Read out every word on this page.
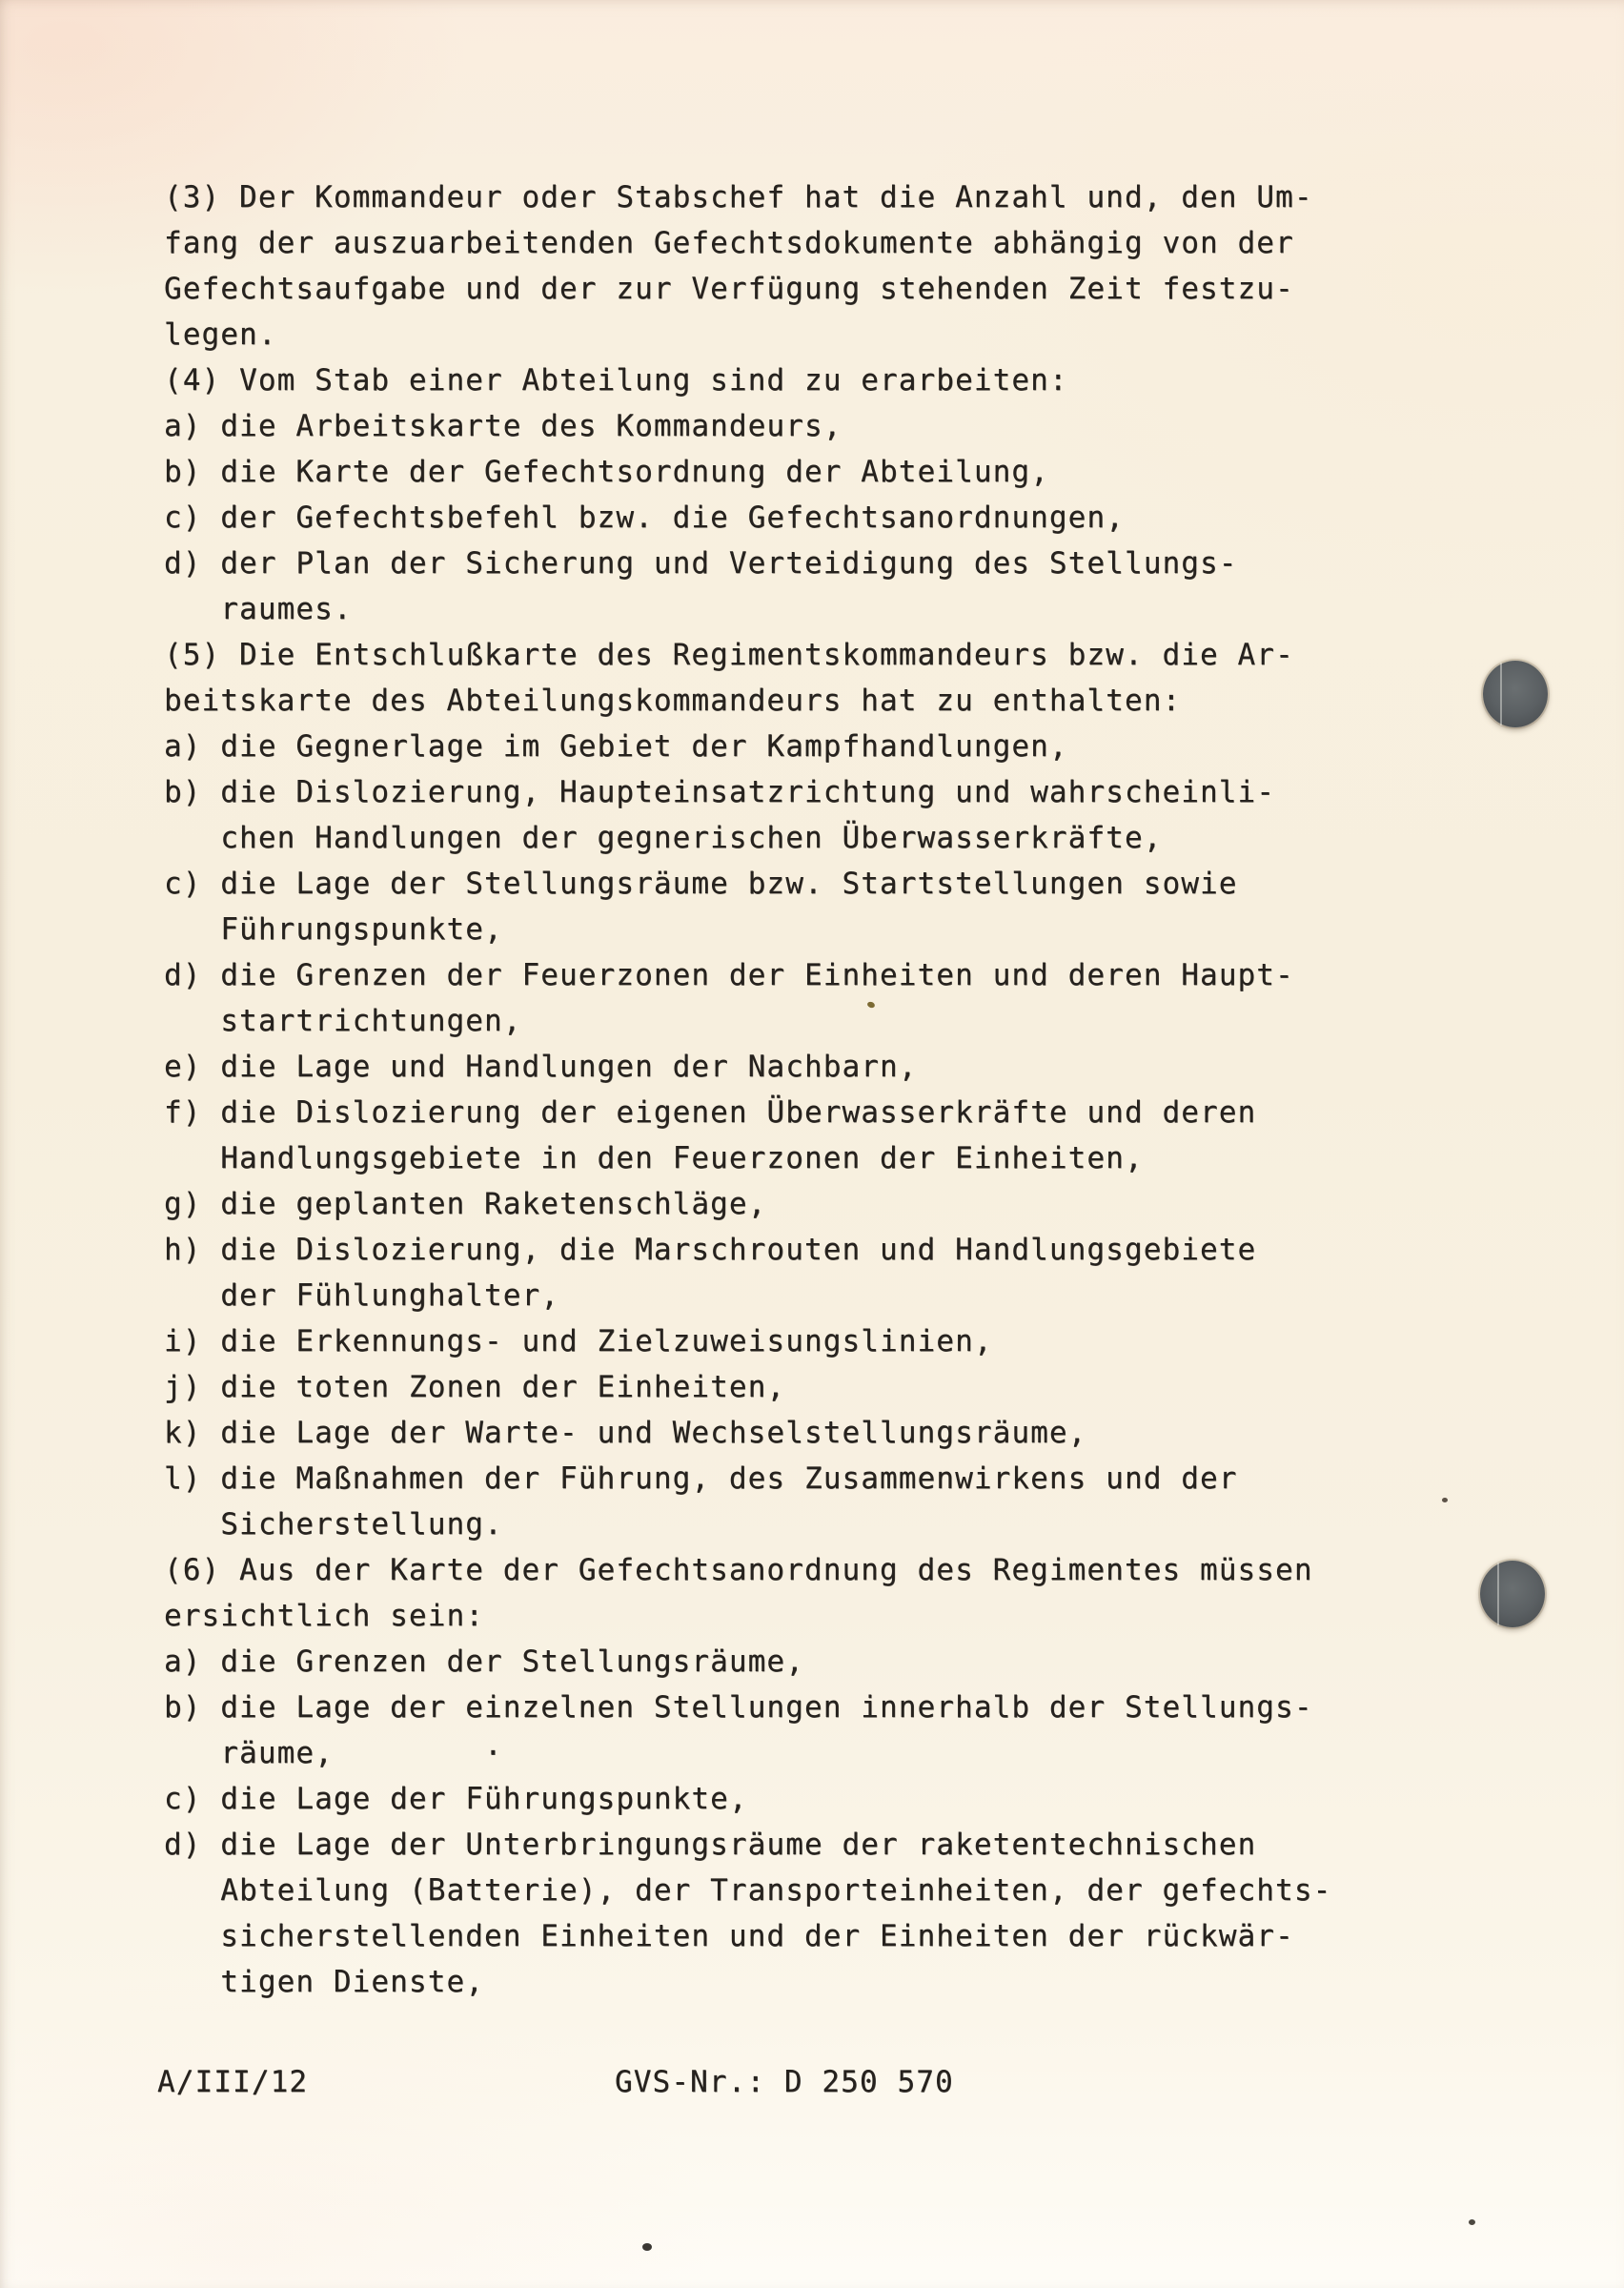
(3) Der Kommandeur oder Stabschef hat die Anzahl und, den Um-
fang der auszuarbeitenden Gefechtsdokumente abhängig von der
Gefechtsaufgabe und der zur Verfügung stehenden Zeit festzu-
legen.
(4) Vom Stab einer Abteilung sind zu erarbeiten:
a) die Arbeitskarte des Kommandeurs,
b) die Karte der Gefechtsordnung der Abteilung,
c) der Gefechtsbefehl bzw. die Gefechtsanordnungen,
d) der Plan der Sicherung und Verteidigung des Stellungs-
raumes.
(5) Die Entschlußkarte des Regimentskommandeurs bzw. die Ar-
beitskarte des Abteilungskommandeurs hat zu enthalten:
a) die Gegnerlage im Gebiet der Kampfhandlungen,
b) die Dislozierung, Haupteinsatzrichtung und wahrscheinli-
chen Handlungen der gegnerischen Überwasserkräfte,
c) die Lage der Stellungsräume bzw. Startstellungen sowie
Führungspunkte,
d) die Grenzen der Feuerzonen der Einheiten und deren Haupt-
startrichtungen,
e) die Lage und Handlungen der Nachbarn,
f) die Dislozierung der eigenen Überwasserkräfte und deren
Handlungsgebiete in den Feuerzonen der Einheiten,
g) die geplanten Raketenschläge,
h) die Dislozierung, die Marschrouten und Handlungsgebiete
der Fühlunghalter,
i) die Erkennungs- und Zielzuweisungslinien,
j) die toten Zonen der Einheiten,
k) die Lage der Warte- und Wechselstellungsräume,
l) die Maßnahmen der Führung, des Zusammenwirkens und der
Sicherstellung.
(6) Aus der Karte der Gefechtsanordnung des Regimentes müssen
ersichtlich sein:
a) die Grenzen der Stellungsräume,
b) die Lage der einzelnen Stellungen innerhalb der Stellungs-
räume,        ·
c) die Lage der Führungspunkte,
d) die Lage der Unterbringungsräume der raketentechnischen
Abteilung (Batterie), der Transporteinheiten, der gefechts-
sicherstellenden Einheiten und der Einheiten der rückwär-
tigen Dienste,
A/III/12	GVS-Nr.: D 250 570
